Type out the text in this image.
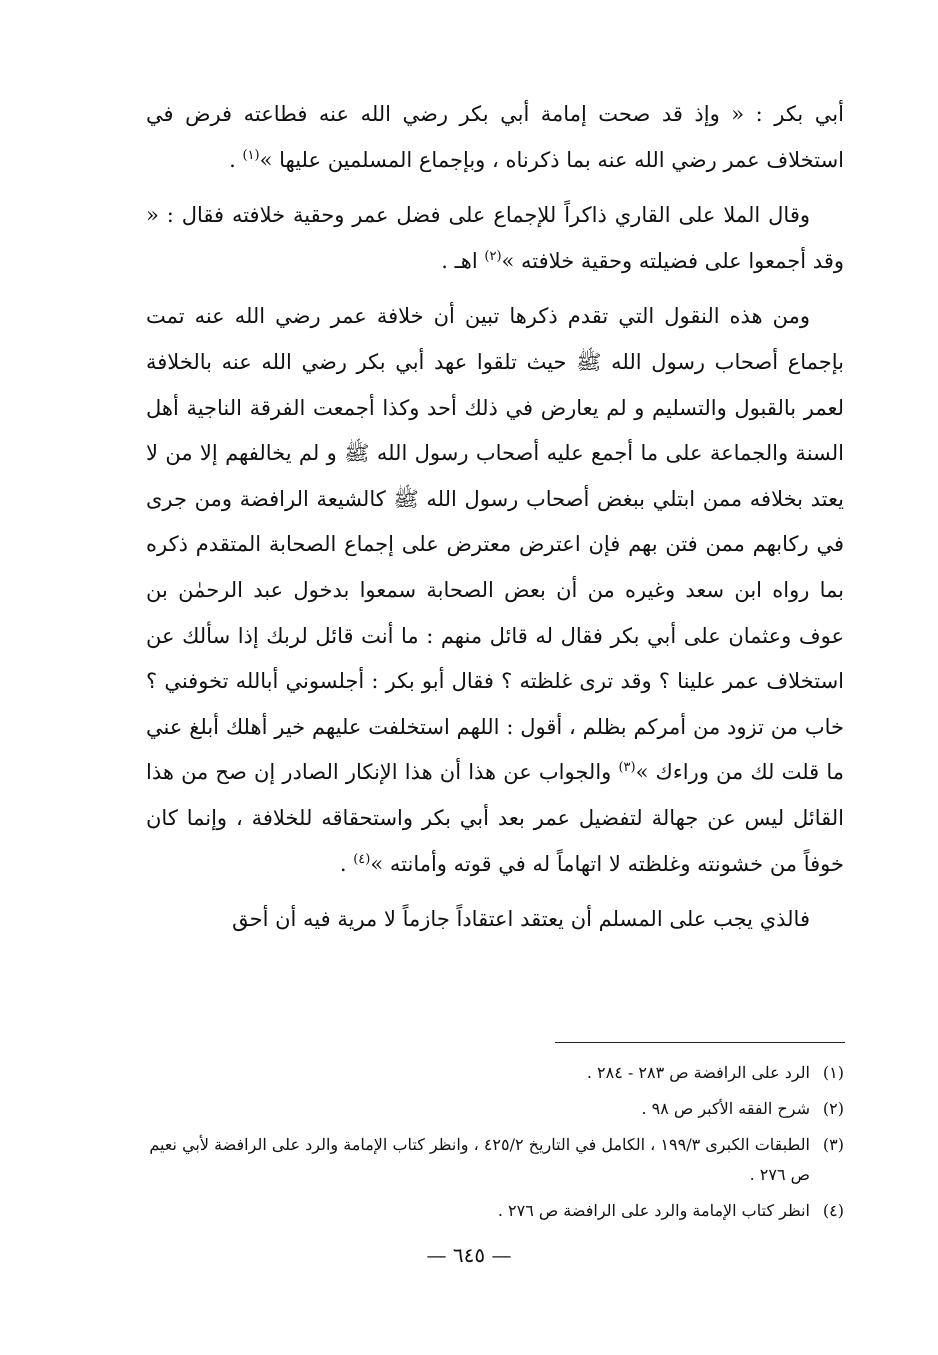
أبي بكر : « وإذ قد صحت إمامة أبي بكر رضي الله عنه فطاعته فرض في استخلاف عمر رضي الله عنه بما ذكرناه ، وبإجماع المسلمين عليها »$^{(١)}$ .

وقال الملا على القاري ذاكراً للإجماع على فضل عمر وحقية خلافته فقال : « وقد أجمعوا على فضيلته وحقية خلافته »$^{(٢)}$ اهـ .

ومن هذه النقول التي تقدم ذكرها تبين أن خلافة عمر رضي الله عنه تمت بإجماع أصحاب رسول الله ﷺ حيث تلقوا عهد أبي بكر رضي الله عنه بالخلافة لعمر بالقبول والتسليم و لم يعارض في ذلك أحد وكذا أجمعت الفرقة الناجية أهل السنة والجماعة على ما أجمع عليه أصحاب رسول الله ﷺ و لم يخالفهم إلا من لا يعتد بخلافه ممن ابتلي ببغض أصحاب رسول الله ﷺ كالشيعة الرافضة ومن جرى في ركابهم ممن فتن بهم فإن اعترض معترض على إجماع الصحابة المتقدم ذكره بما رواه ابن سعد وغيره من أن بعض الصحابة سمعوا بدخول عبد الرحمٰن بن عوف وعثمان على أبي بكر فقال له قائل منهم : ما أنت قائل لربك إذا سألك عن استخلاف عمر علينا ؟ وقد ترى غلظته ؟ فقال أبو بكر : أجلسوني أبالله تخوفني ؟ خاب من تزود من أمركم بظلم ، أقول : اللهم استخلفت عليهم خير أهلك أبلغ عني ما قلت لك من وراءك »$^{(٣)}$ والجواب عن هذا أن هذا الإنكار الصادر إن صح من هذا القائل ليس عن جهالة لتفضيل عمر بعد أبي بكر واستحقاقه للخلافة ، وإنما كان خوفاً من خشونته وغلظته لا اتهاماً له في قوته وأمانته »$^{(٤)}$ .

فالذي يجب على المسلم أن يعتقد اعتقاداً جازماً لا مرية فيه أن أحق

(١)الرد على الرافضة ص ٢٨٣ - ٢٨٤ .
(٢)شرح الفقه الأكبر ص ٩٨ .
(٣)الطبقات الكبرى ١٩٩/٣ ، الكامل في التاريخ ٤٢٥/٢ ، وانظر كتاب الإمامة والرد على الرافضة لأبي نعيم ص ٢٧٦ .
(٤)انظر كتاب الإمامة والرد على الرافضة ص ٢٧٦ .
— ٦٤٥ —
